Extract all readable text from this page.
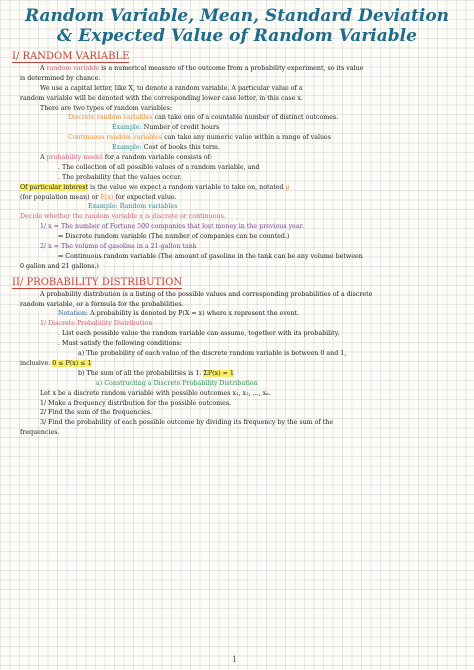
Random Variable, Mean, Standard Deviation
& Expected Value of Random Variable
I/ RANDOM VARIABLE
A random variable is a numerical measure of the outcome from a probability experiment, so its value
is determined by chance.
We use a capital letter, like X, to denote a random variable. A particular value of a
random variable will be denoted with the corresponding lower case letter, in this case x.
There are two types of random variables:
Discrete random variables can take one of a countable number of distinct outcomes.
Example: Number of credit hours
Continuous random variables can take any numeric value within a range of values
Example: Cost of books this term.
A probability model for a random variable consists of:
. The collection of all possible values of a random variable, and
. The probability that the values occur.
Of particular interest is the value we expect a random variable to take on, notated μ
(for population mean) or E(x) for expected value.
Example: Random variables
Decide whether the random variable x is discrete or continuous.
1/ x = The number of Fortune 500 companies that lost money in the previous year.
⇒ Discrete random variable (The number of companies can be counted.)
2/ x = The volume of gasoline in a 21-gallon tank
⇒ Continuous random variable (The amount of gasoline in the tank can be any volume between
0 gallon and 21 gallons.)
II/ PROBABILITY DISTRIBUTION
A probability distribution is a listing of the possible values and corresponding probabilities of a discrete
random variable, or a formula for the probabilities.
Notation: A probability is denoted by P(X = x) where x represent the event.
1/ Discrete Probability Distribution
. List each possible value the random variable can assume, together with its probability.
. Must satisfy the following conditions:
a) The probability of each value of the discrete random variable is between 0 and 1,
inclusive. 0 ≤ P(x) ≤ 1
b) The sum of all the probabilities is 1. ΣP(x) = 1
a) Constructing a Discrete Probability Distribution
Let x be a discrete random variable with possible outcomes x₁, x₂, ..., xₙ.
1/ Make a frequency distribution for the possible outcomes.
2/ Find the sum of the frequencies.
3/ Find the probability of each possible outcome by dividing its frequency by the sum of the
frequencies.
1
